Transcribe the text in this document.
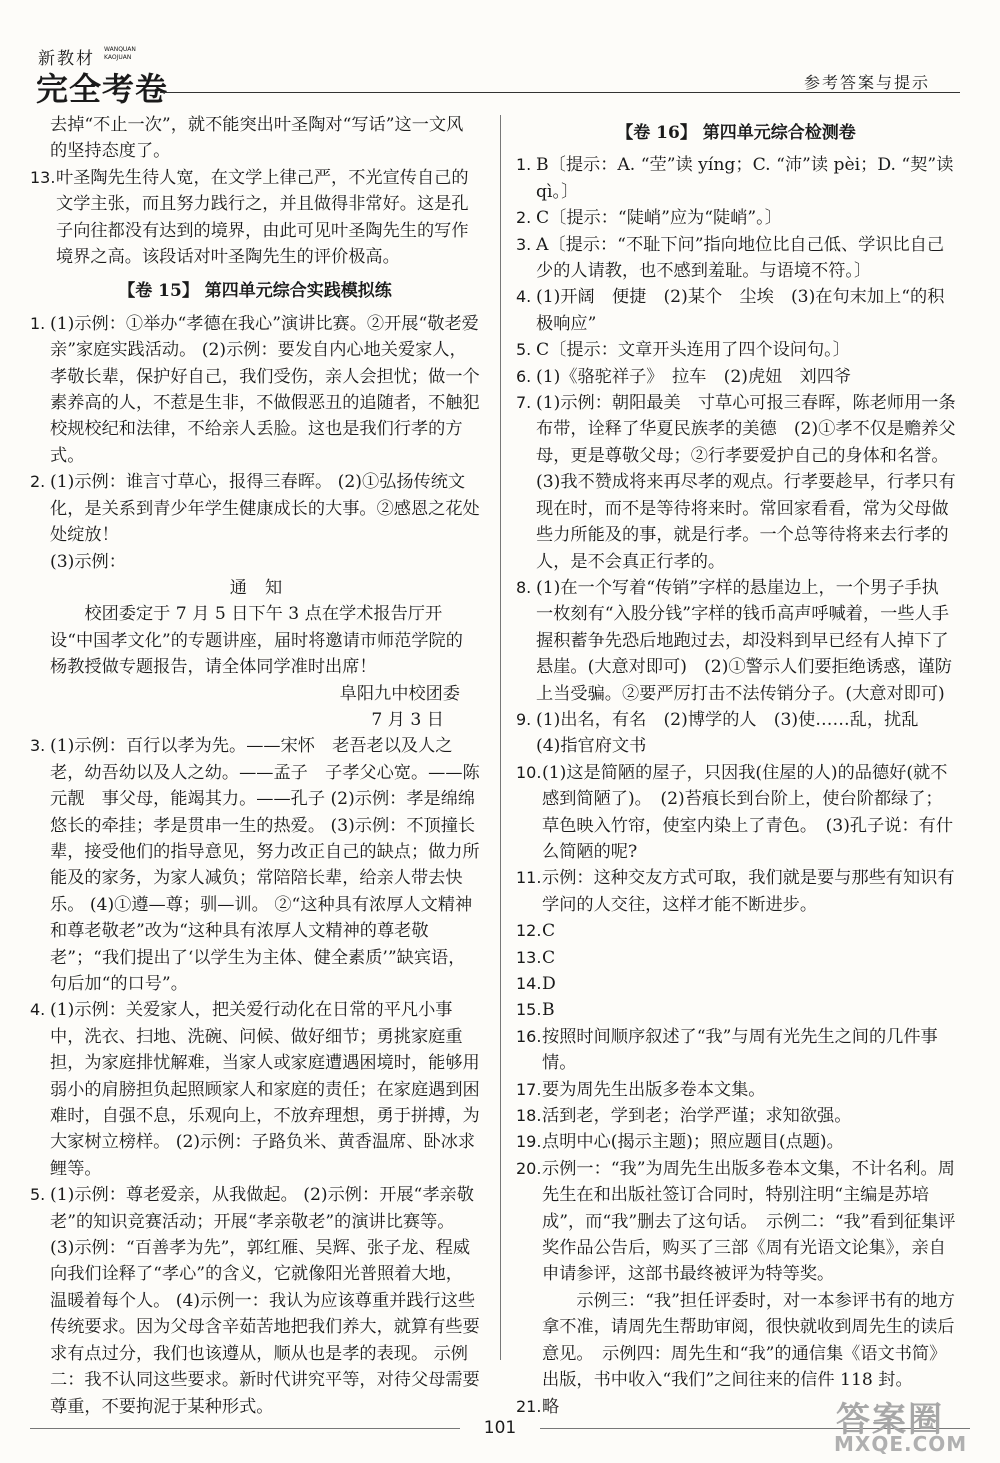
新教材 WANQUAN
KAOJUAN
完全考卷	参考答案与提示

去掉“不止一次”，就不能突出叶圣陶对“写话”这一文风的坚持态度了。

13. 叶圣陶先生待人宽，在文学上律己严，不光宣传自己的文学主张，而且努力践行之，并且做得非常好。这是孔子向往都没有达到的境界，由此可见叶圣陶先生的写作境界之高。该段话对叶圣陶先生的评价极高。
【卷 15】 第四单元综合实践模拟练
1. (1)示例：①举办“孝德在我心”演讲比赛。②开展“敬老爱亲”家庭实践活动。 (2)示例：要发自内心地关爱家人，孝敬长辈，保护好自己，我们受伤，亲人会担忧；做一个素养高的人，不惹是生非，不做假恶丑的追随者，不触犯校规校纪和法律，不给亲人丢脸。这也是我们行孝的方式。
2. (1)示例：谁言寸草心，报得三春晖。 (2)①弘扬传统文化，是关系到青少年学生健康成长的大事。②感恩之花处处绽放！
(3)示例：

通知

校团委定于 7 月 5 日下午 3 点在学术报告厅开设“中国孝文化”的专题讲座，届时将邀请市师范学院的杨教授做专题报告，请全体同学准时出席！

阜阳九中校团委

7 月 3 日

3. (1)示例：百行以孝为先。——宋怀　老吾老以及人之老，幼吾幼以及人之幼。——孟子　子孝父心宽。——陈元靓　事父母，能竭其力。——孔子 (2)示例：孝是绵绵悠长的牵挂；孝是贯串一生的热爱。 (3)示例：不顶撞长辈，接受他们的指导意见，努力改正自己的缺点；做力所能及的家务，为家人减负；常陪陪长辈，给亲人带去快乐。 (4)①遵—尊；驯—训。 ②“这种具有浓厚人文精神和尊老敬老”改为“这种具有浓厚人文精神的尊老敬老”；“我们提出了‘以学生为主体、健全素质’”缺宾语，句后加“的口号”。
4. (1)示例：关爱家人，把关爱行动化在日常的平凡小事中，洗衣、扫地、洗碗、问候、做好细节；勇挑家庭重担，为家庭排忧解难，当家人或家庭遭遇困境时，能够用弱小的肩膀担负起照顾家人和家庭的责任；在家庭遇到困难时，自强不息，乐观向上，不放弃理想，勇于拼搏，为大家树立榜样。 (2)示例：子路负米、黄香温席、卧冰求鲤等。
5. (1)示例：尊老爱亲，从我做起。 (2)示例：开展“孝亲敬老”的知识竞赛活动；开展“孝亲敬老”的演讲比赛等。 (3)示例：“百善孝为先”，郭红雁、吴辉、张子龙、程威向我们诠释了“孝心”的含义，它就像阳光普照着大地，温暖着每个人。 (4)示例一：我认为应该尊重并践行这些传统要求。因为父母含辛茹苦地把我们养大，就算有些要求有点过分，我们也该遵从，顺从也是孝的表现。 示例二：我不认同这些要求。新时代讲究平等，对待父母需要尊重，不要拘泥于某种形式。
【卷 16】 第四单元综合检测卷
1. B〔提示：A. “茔”读 yíng；C. “沛”读 pèi；D. “契”读 qì。〕
2. C〔提示：“陡峭”应为“陡峭”。〕
3. A〔提示：“不耻下问”指向地位比自己低、学识比自己少的人请教，也不感到羞耻。与语境不符。〕
4. (1)开阔　便捷　(2)某个　尘埃　(3)在句末加上“的积极响应”
5. C〔提示：文章开头连用了四个设问句。〕
6. (1)《骆驼祥子》　拉车　(2)虎妞　刘四爷
7. (1)示例：朝阳最美　寸草心可报三春晖，陈老师用一条布带，诠释了华夏民族孝的美德　(2)①孝不仅是赡养父母，更是尊敬父母；②行孝要爱护自己的身体和名誉。　(3)我不赞成将来再尽孝的观点。行孝要趁早，行孝只有现在时，而不是等待将来时。常回家看看，常为父母做些力所能及的事，就是行孝。一个总等待将来去行孝的人，是不会真正行孝的。
8. (1)在一个写着“传销”字样的悬崖边上，一个男子手执一枚刻有“入股分钱”字样的钱币高声呼喊着，一些人手握积蓄争先恐后地跑过去，却没料到早已经有人掉下了悬崖。(大意对即可)　(2)①警示人们要拒绝诱惑，谨防上当受骗。②要严厉打击不法传销分子。(大意对即可)
9. (1)出名，有名　(2)博学的人　(3)使……乱，扰乱　(4)指官府文书
10. (1)这是简陋的屋子，只因我(住屋的人)的品德好(就不感到简陋了)。　(2)苔痕长到台阶上，使台阶都绿了；草色映入竹帘，使室内染上了青色。　(3)孔子说：有什么简陋的呢?
11. 示例：这种交友方式可取，我们就是要与那些有知识有学问的人交往，这样才能不断进步。
12. C
13. C
14. D
15. B
16. 按照时间顺序叙述了“我”与周有光先生之间的几件事情。
17. 要为周先生出版多卷本文集。
18. 活到老，学到老；治学严谨；求知欲强。
19. 点明中心(揭示主题)；照应题目(点题)。
20. 示例一：“我”为周先生出版多卷本文集，不计名利。周先生在和出版社签订合同时，特别注明“主编是苏培成”，而“我”删去了这句话。　示例二：“我”看到征集评奖作品公告后，购买了三部《周有光语文论集》，亲自申请参评，这部书最终被评为特等奖。

示例三：“我”担任评委时，对一本参评书有的地方拿不准，请周先生帮助审阅，很快就收到周先生的读后意见。　示例四：周先生和“我”的通信集《语文书简》出版，书中收入“我们”之间往来的信件 118 封。

21. 略
101	答案圈
MXQE.COM
